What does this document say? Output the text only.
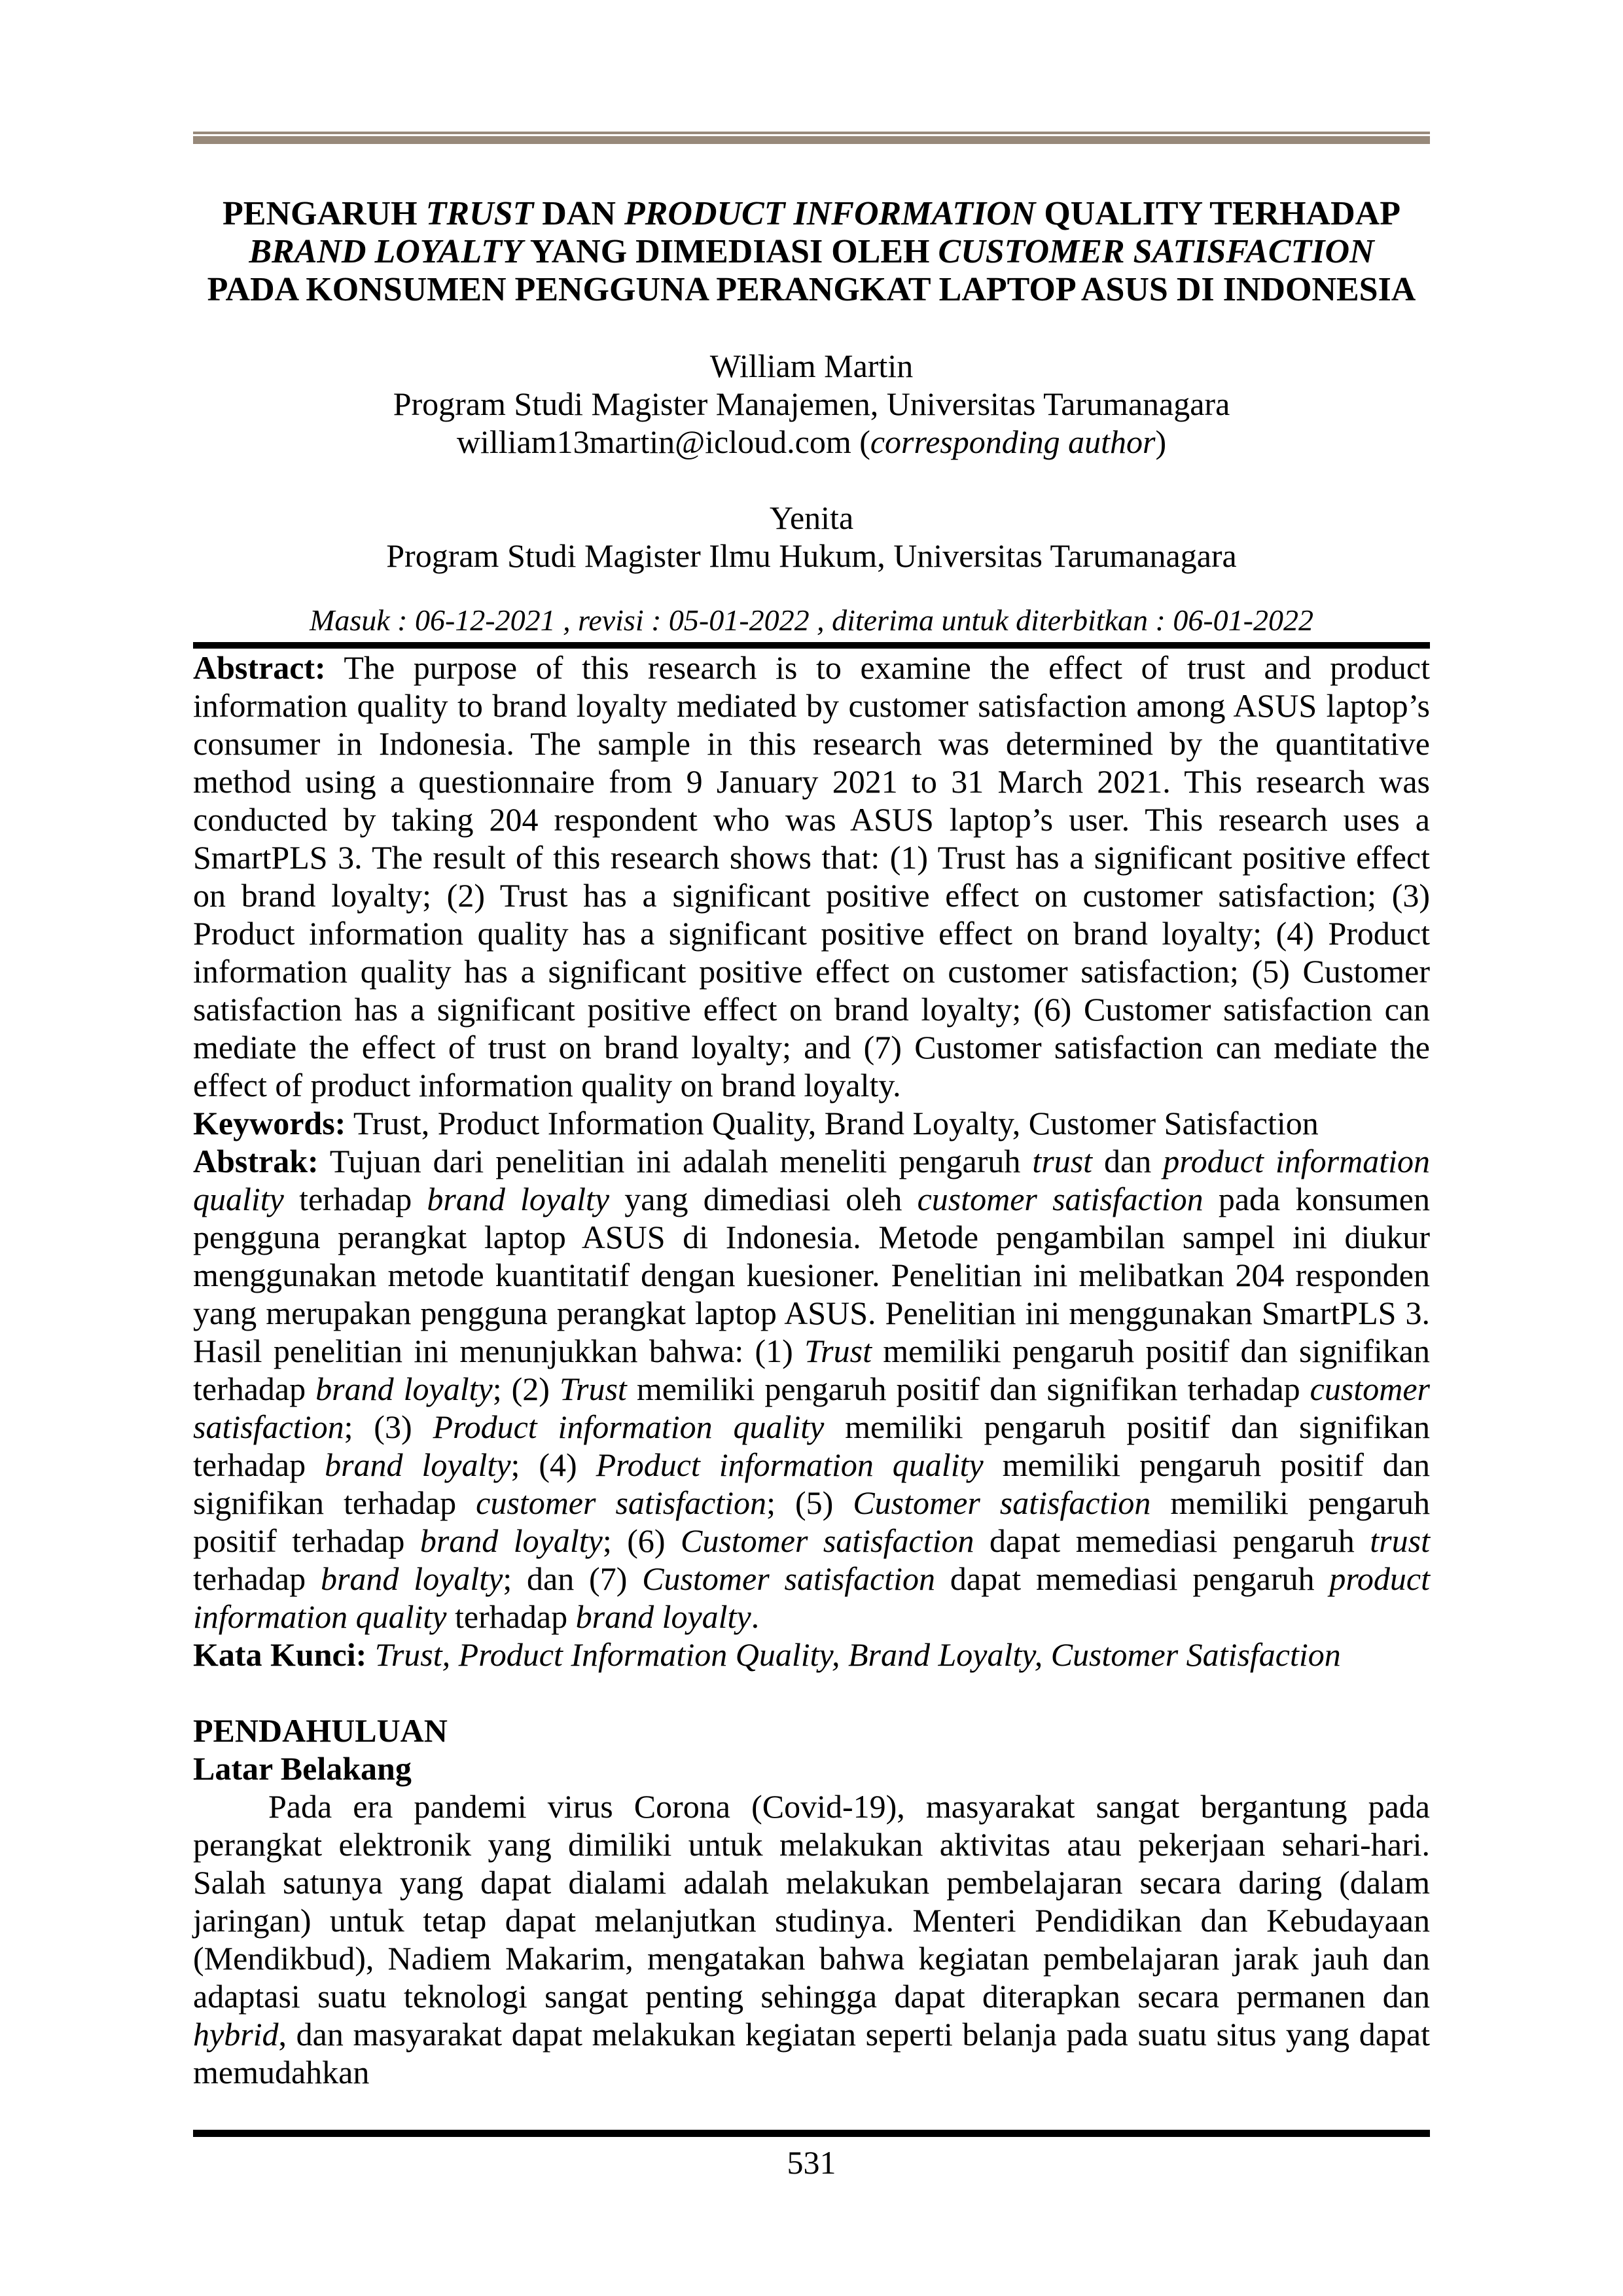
PENGARUH TRUST DAN PRODUCT INFORMATION QUALITY TERHADAP
BRAND LOYALTY YANG DIMEDIASI OLEH CUSTOMER SATISFACTION
PADA KONSUMEN PENGGUNA PERANGKAT LAPTOP ASUS DI INDONESIA
William Martin
Program Studi Magister Manajemen, Universitas Tarumanagara
william13martin@icloud.com (corresponding author)
Yenita
Program Studi Magister Ilmu Hukum, Universitas Tarumanagara
Masuk : 06-12-2021 , revisi : 05-01-2022 , diterima untuk diterbitkan : 06-01-2022

Abstract: The purpose of this research is to examine the effect of trust and product information quality to brand loyalty mediated by customer satisfaction among ASUS laptop’s consumer in Indonesia. The sample in this research was determined by the quantitative method using a questionnaire from 9 January 2021 to 31 March 2021. This research was conducted by taking 204 respondent who was ASUS laptop’s user. This research uses a SmartPLS 3. The result of this research shows that: (1) Trust has a significant positive effect on brand loyalty; (2) Trust has a significant positive effect on customer satisfaction; (3) Product information quality has a significant positive effect on brand loyalty; (4) Product information quality has a significant positive effect on customer satisfaction; (5) Customer satisfaction has a significant positive effect on brand loyalty; (6) Customer satisfaction can mediate the effect of trust on brand loyalty; and (7) Customer satisfaction can mediate the effect of product information quality on brand loyalty.

Keywords: Trust, Product Information Quality, Brand Loyalty, Customer Satisfaction

Abstrak: Tujuan dari penelitian ini adalah meneliti pengaruh trust dan product information quality terhadap brand loyalty yang dimediasi oleh customer satisfaction pada konsumen pengguna perangkat laptop ASUS di Indonesia. Metode pengambilan sampel ini diukur menggunakan metode kuantitatif dengan kuesioner. Penelitian ini melibatkan 204 responden yang merupakan pengguna perangkat laptop ASUS. Penelitian ini menggunakan SmartPLS 3. Hasil penelitian ini menunjukkan bahwa: (1) Trust memiliki pengaruh positif dan signifikan terhadap brand loyalty; (2) Trust memiliki pengaruh positif dan signifikan terhadap customer satisfaction; (3) Product information quality memiliki pengaruh positif dan signifikan terhadap brand loyalty; (4) Product information quality memiliki pengaruh positif dan signifikan terhadap customer satisfaction; (5) Customer satisfaction memiliki pengaruh positif terhadap brand loyalty; (6) Customer satisfaction dapat memediasi pengaruh trust terhadap brand loyalty; dan (7) Customer satisfaction dapat memediasi pengaruh product information quality terhadap brand loyalty.

Kata Kunci: Trust, Product Information Quality, Brand Loyalty, Customer Satisfaction

PENDAHULUAN
Latar Belakang

Pada era pandemi virus Corona (Covid-19), masyarakat sangat bergantung pada perangkat elektronik yang dimiliki untuk melakukan aktivitas atau pekerjaan sehari-hari. Salah satunya yang dapat dialami adalah melakukan pembelajaran secara daring (dalam jaringan) untuk tetap dapat melanjutkan studinya. Menteri Pendidikan dan Kebudayaan (Mendikbud), Nadiem Makarim, mengatakan bahwa kegiatan pembelajaran jarak jauh dan adaptasi suatu teknologi sangat penting sehingga dapat diterapkan secara permanen dan hybrid, dan masyarakat dapat melakukan kegiatan seperti belanja pada suatu situs yang dapat memudahkan

531
